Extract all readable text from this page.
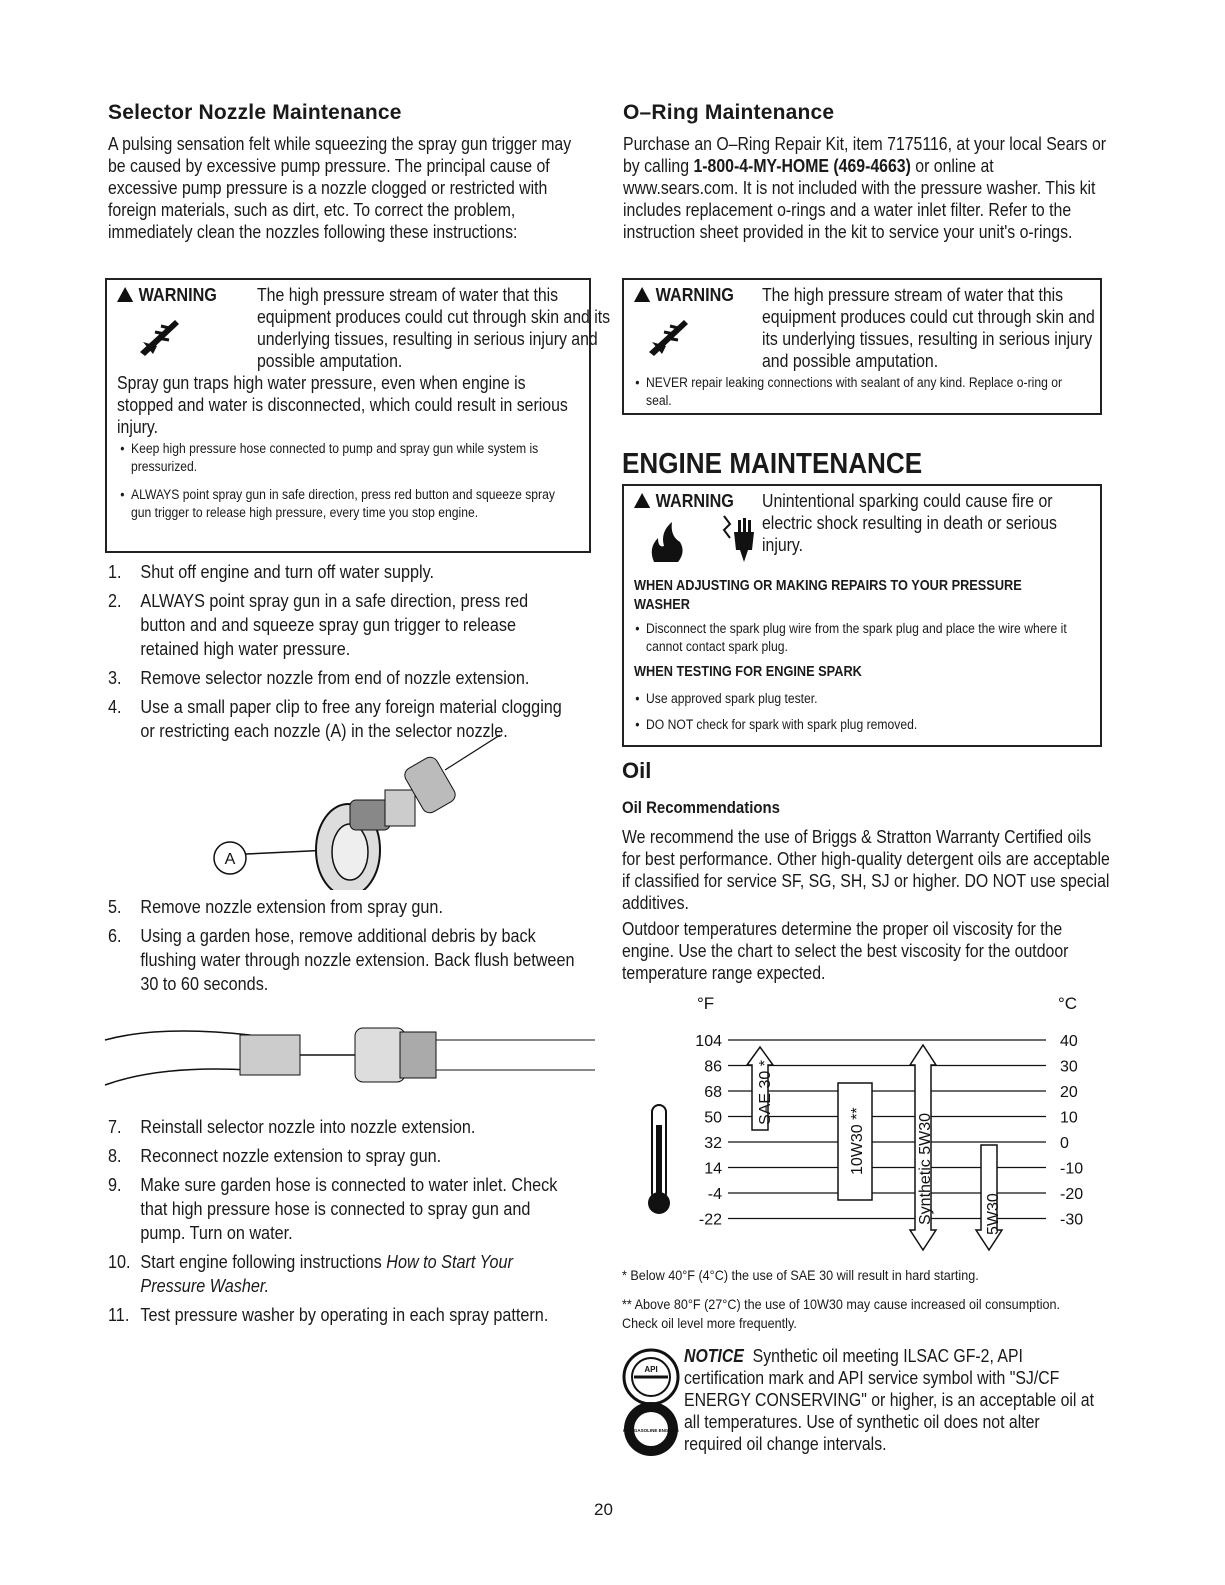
Selector Nozzle Maintenance
A pulsing sensation felt while squeezing the spray gun trigger may be caused by excessive pump pressure. The principal cause of excessive pump pressure is a nozzle clogged or restricted with foreign materials, such as dirt, etc. To correct the problem, immediately clean the nozzles following these instructions:
WARNING	The high pressure stream of water that this equipment produces could cut through skin and its underlying tissues, resulting in serious injury and possible amputation.
Spray gun traps high water pressure, even when engine is stopped and water is disconnected, which could result in serious injury.
• Keep high pressure hose connected to pump and spray gun while system is pressurized.
• ALWAYS point spray gun in safe direction, press red button and squeeze spray gun trigger to release high pressure, every time you stop engine.
1. Shut off engine and turn off water supply.
2. ALWAYS point spray gun in a safe direction, press red button and and squeeze spray gun trigger to release retained high water pressure.
3. Remove selector nozzle from end of nozzle extension.
4. Use a small paper clip to free any foreign material clogging or restricting each nozzle (A) in the selector nozzle.
A
5. Remove nozzle extension from spray gun.
6. Using a garden hose, remove additional debris by back flushing water through nozzle extension. Back flush between 30 to 60 seconds.
7. Reinstall selector nozzle into nozzle extension.
8. Reconnect nozzle extension to spray gun.
9. Make sure garden hose is connected to water inlet. Check that high pressure hose is connected to spray gun and pump. Turn on water.
10. Start engine following instructions How to Start Your Pressure Washer.
11. Test pressure washer by operating in each spray pattern.
O–Ring Maintenance
Purchase an O–Ring Repair Kit, item 7175116, at your local Sears or by calling 1-800-4-MY-HOME (469-4663) or online at www.sears.com. It is not included with the pressure washer. This kit includes replacement o-rings and a water inlet filter. Refer to the instruction sheet provided in the kit to service your unit's o-rings.
WARNING The high pressure stream of water that this equipment produces could cut through skin and its underlying tissues, resulting in serious injury and possible amputation.
• NEVER repair leaking connections with sealant of any kind. Replace o-ring or seal.
ENGINE MAINTENANCE
WARNING Unintentional sparking could cause fire or electric shock resulting in death or serious injury.
WHEN ADJUSTING OR MAKING REPAIRS TO YOUR PRESSURE WASHER
• Disconnect the spark plug wire from the spark plug and place the wire where it cannot contact spark plug.
WHEN TESTING FOR ENGINE SPARK
• Use approved spark plug tester.
• DO NOT check for spark with spark plug removed.
Oil
Oil Recommendations
We recommend the use of Briggs & Stratton Warranty Certified oils for best performance. Other high-quality detergent oils are acceptable if classified for service SF, SG, SH, SJ or higher. DO NOT use special additives.
Outdoor temperatures determine the proper oil viscosity for the engine. Use the chart to select the best viscosity for the outdoor temperature range expected.
°F	°C
104	40
86	30
68	20
50	10
32	0
14	-10
-4	-20
-22	-30
SAE 30 *
10W30 **	Synthetic 5W30	5W30
* Below 40°F (4°C) the use of SAE 30 will result in hard starting.
** Above 80°F (27°C) the use of 10W30 may cause increased oil consumption. Check oil level more frequently.
API
FOR GASOLINE ENGINES
NOTICE Synthetic oil meeting ILSAC GF-2, API certification mark and API service symbol with "SJ/CF ENERGY CONSERVING" or higher, is an acceptable oil at all temperatures. Use of synthetic oil does not alter required oil change intervals.
20
